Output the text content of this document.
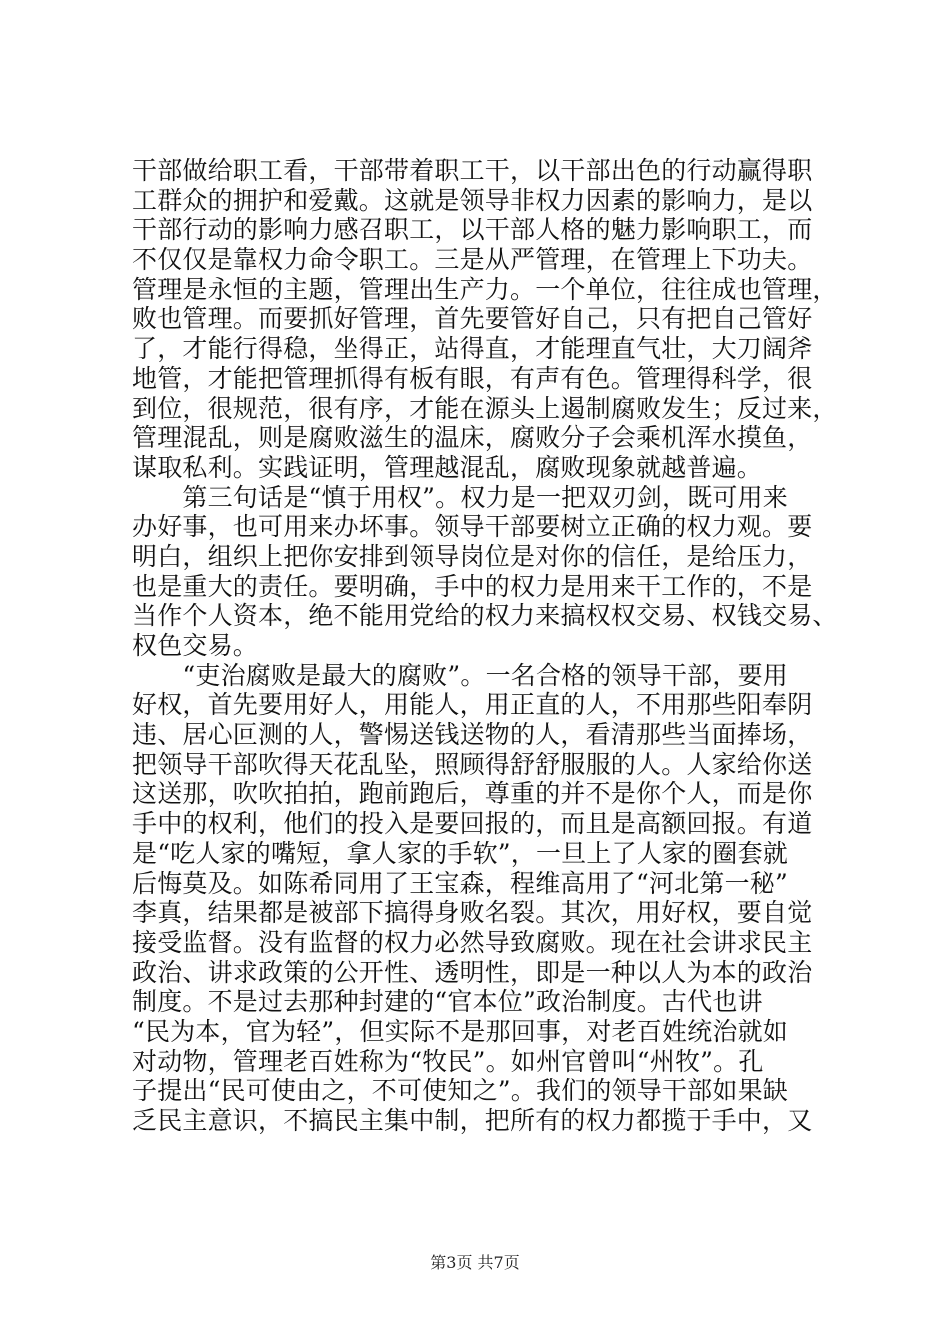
干部做给职工看，干部带着职工干，以干部出色的行动赢得职
工群众的拥护和爱戴。这就是领导非权力因素的影响力，是以
干部行动的影响力感召职工，以干部人格的魅力影响职工，而
不仅仅是靠权力命令职工。三是从严管理，在管理上下功夫。
管理是永恒的主题，管理出生产力。一个单位，往往成也管理，
败也管理。而要抓好管理，首先要管好自己，只有把自己管好
了，才能行得稳，坐得正，站得直，才能理直气壮，大刀阔斧
地管，才能把管理抓得有板有眼，有声有色。管理得科学，很
到位，很规范，很有序，才能在源头上遏制腐败发生；反过来，
管理混乱，则是腐败滋生的温床，腐败分子会乘机浑水摸鱼，
谋取私利。实践证明，管理越混乱，腐败现象就越普遍。
　　第三句话是“慎于用权”。权力是一把双刃剑，既可用来
办好事，也可用来办坏事。领导干部要树立正确的权力观。要
明白，组织上把你安排到领导岗位是对你的信任，是给压力，
也是重大的责任。要明确，手中的权力是用来干工作的，不是
当作个人资本，绝不能用党给的权力来搞权权交易、权钱交易、
权色交易。
　　“吏治腐败是最大的腐败”。一名合格的领导干部，要用
好权，首先要用好人，用能人，用正直的人，不用那些阳奉阴
违、居心叵测的人，警惕送钱送物的人，看清那些当面捧场，
把领导干部吹得天花乱坠，照顾得舒舒服服的人。人家给你送
这送那，吹吹拍拍，跑前跑后，尊重的并不是你个人，而是你
手中的权利，他们的投入是要回报的，而且是高额回报。有道
是“吃人家的嘴短，拿人家的手软”，一旦上了人家的圈套就
后悔莫及。如陈希同用了王宝森，程维高用了“河北第一秘”
李真，结果都是被部下搞得身败名裂。其次，用好权，要自觉
接受监督。没有监督的权力必然导致腐败。现在社会讲求民主
政治、讲求政策的公开性、透明性，即是一种以人为本的政治
制度。不是过去那种封建的“官本位”政治制度。古代也讲
“民为本，官为轻”，但实际不是那回事，对老百姓统治就如
对动物，管理老百姓称为“牧民”。如州官曾叫“州牧”。孔
子提出“民可使由之，不可使知之”。我们的领导干部如果缺
乏民主意识，不搞民主集中制，把所有的权力都揽于手中，又
第3页 共7页
